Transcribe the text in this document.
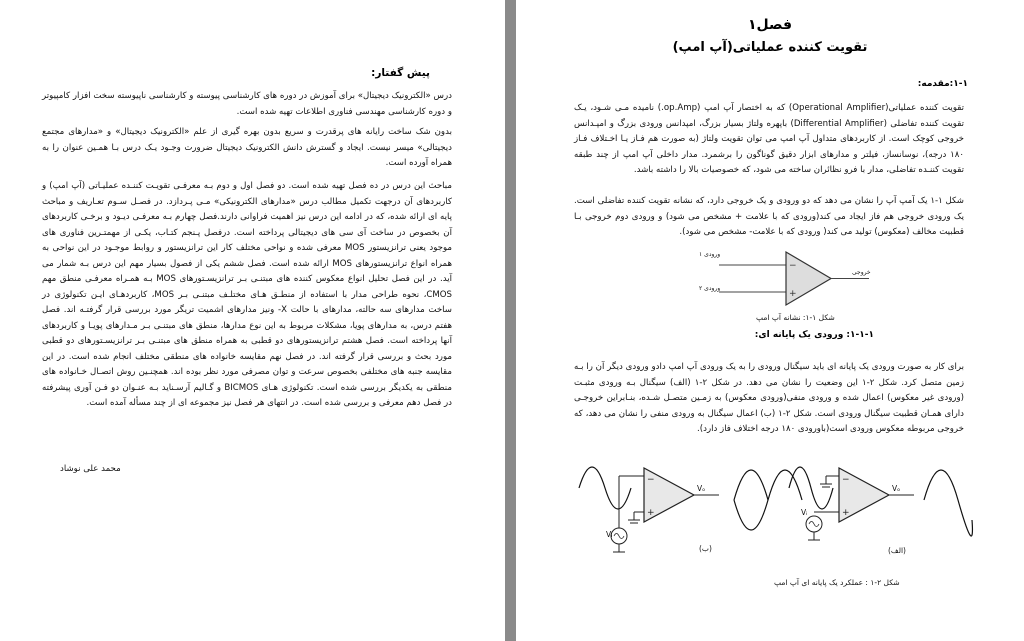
پیش گفتار:

درس «الکترونیک دیجیتال» برای آموزش در دوره های کارشناسی پیوسته و کارشناسی ناپیوسته سخت افزار کامپیوتر و دوره کارشناسی مهندسی فناوری اطلاعات تهیه شده است.

بدون شک ساخت رایانه های پرقدرت و سریع بدون بهره گیری از علم «الکترونیک دیجیتال» و «مدارهای مجتمع دیجیتالی» میسر نیست. ایجاد و گسترش دانش الکترونیک دیجیتال ضرورت وجـود یـک درس بـا همـین عنوان را به همراه آورده است.

مباحث این درس در ده فصل تهیه شده است. دو فصل اول و دوم بـه معرفـی تقویـت کننـده عملیـاتی (آپ امپ) و کاربردهای آن درجهت تکمیل مطالب درس «مدارهای الکترونیکی» مـی پـردازد. در فصـل سـوم تعـاریف و مباحث پایه ای ارائه شده، که در ادامه این درس نیز اهمیت فراوانی دارند.فصل چهارم بـه معرفـی دیـود و برخـی کاربردهای آن بخصوص در ساخت آی سی های دیجیتالی پرداخته است. درفصل پـنجم کتـاب، یکـی از مهمتـرین فناوری های موجود یعنی ترانزیستور MOS معرفی شده و نواحی مختلف کار این ترانزیستور و روابط موجـود در این نواحی به همراه انواع ترانزیستورهای MOS ارائه شده است. فصل ششم یکی از فصول بسیار مهم این درس بـه شمار می آید. در این فصل تحلیل انواع معکوس کننده های مبتنـی بـر ترانزیسـتورهای MOS بـه همـراه معرفـی منطق مهم CMOS، نحوه طراحی مدار با استفاده از منطـق هـای مختلـف مبتنـی بـر MOS، کاربردهـای ایـن تکنولوژی در ساخت مدارهای سه حالته، مدارهای با حالت X- ونیز مدارهای اشمیت تریگر مورد بررسی قرار گرفتـه اند. فصل هفتم درس، به مدارهای پویا، مشکلات مربوط به این نوع مدارها، منطق های مبتنـی بـر مـدارهای پویـا و کاربردهای آنها پرداخته است. فصل هشتم ترانزیستورهای دو قطبی به همراه منطق های مبتنـی بـر ترانزیسـتورهای دو قطبی مورد بحث و بررسی قرار گرفته اند. در فصل نهم مقایسه خانواده های منطقی مختلف انجام شده است. در این مقایسه جنبه های مختلفی بخصوص سرعت و توان مصرفی مورد نظر بوده اند. همچنـین روش اتصـال خـانواده های منطقی به یکدیگر بررسی شده است. تکنولوژی هـای BICMOS و گـالیم آرسـناید بـه عنـوان دو فـن آوری پیشرفته در فصل دهم معرفی و بررسی شده است. در انتهای هر فصل نیز مجموعه ای از چند مسأله آمده است.

محمد علی نوشاد

فصل۱

تقویت کننده عملیاتی(آپ امپ)

۱-۱:مقدمه:

تقویت کننده عملیاتی(Operational Amplifier) که به اختصار آپ امپ (op.Amp.) نامیده مـی شـود، یـک تقویت کننده تفاضلی (Differential Amplifier) باپهره ولتاژ بسیار بزرگ، امپدانس ورودی بزرگ و امپـدانس خروجی کوچک است. از کاربردهای متداول آپ امپ می توان تقویت ولتاژ (به صورت هم فـاز یـا اخـتلاف فـاز ۱۸۰ درجه)، نوسانساز، فیلتر و مدارهای ابزار دقیق گوناگون را برشمرد. مدار داخلی آپ امپ از چند طبقه تقویت کننـده تفاضلی، مدار با فرو نظائران ساخته می شود، که خصوصیات بالا را داشته باشد.

شکل ۱-۱ یک آمپ آپ را نشان می دهد که دو ورودی و یک خروجی دارد، که نشانه تقویت کننده تفاضلی است. یک ورودی خروجی هم فاز ایجاد می کند(ورودی که با علامت + مشخص می شود) و ورودی دوم خروجی بـا قطبیت مخالف (معکوس) تولید می کند( ورودی که با علامت- مشخص می شود).

−
+
ورودی ۱
ورودی ۲
خروجی
شکل ۱-۱: نشانه آپ امپ

۱-۱-۱: ورودی یک پایانه ای:

برای کار به صورت ورودی یک پایانه ای باید سیگنال ورودی را به یک ورودی آپ امپ دادو ورودی دیگر آن را بـه زمین متصل کرد. شکل ۲-۱ این وضعیت را نشان می دهد. در شکل ۲-۱ (الف) سیگنال بـه ورودی مثبـت (ورودی غیر معکوس) اعمال شده و ورودی منفی(ورودی معکوس) به زمـین متصـل شـده، بنـابراین خروجـی دارای همـان قطبیت سیگنال ورودی است. شکل ۲-۱ (ب) اعمال سیگنال به ورودی منفی را نشان می دهد، که خروجی مربوطه معکوس ورودی است(باورودی ۱۸۰ درجه اختلاف فاز دارد).

−
+
−
+
Vᵢ
Vₒ
Vᵢ
Vₒ
(ب)	(الف)
شکل ۲-۱ : عملکرد یک پایانه ای آپ امپ
